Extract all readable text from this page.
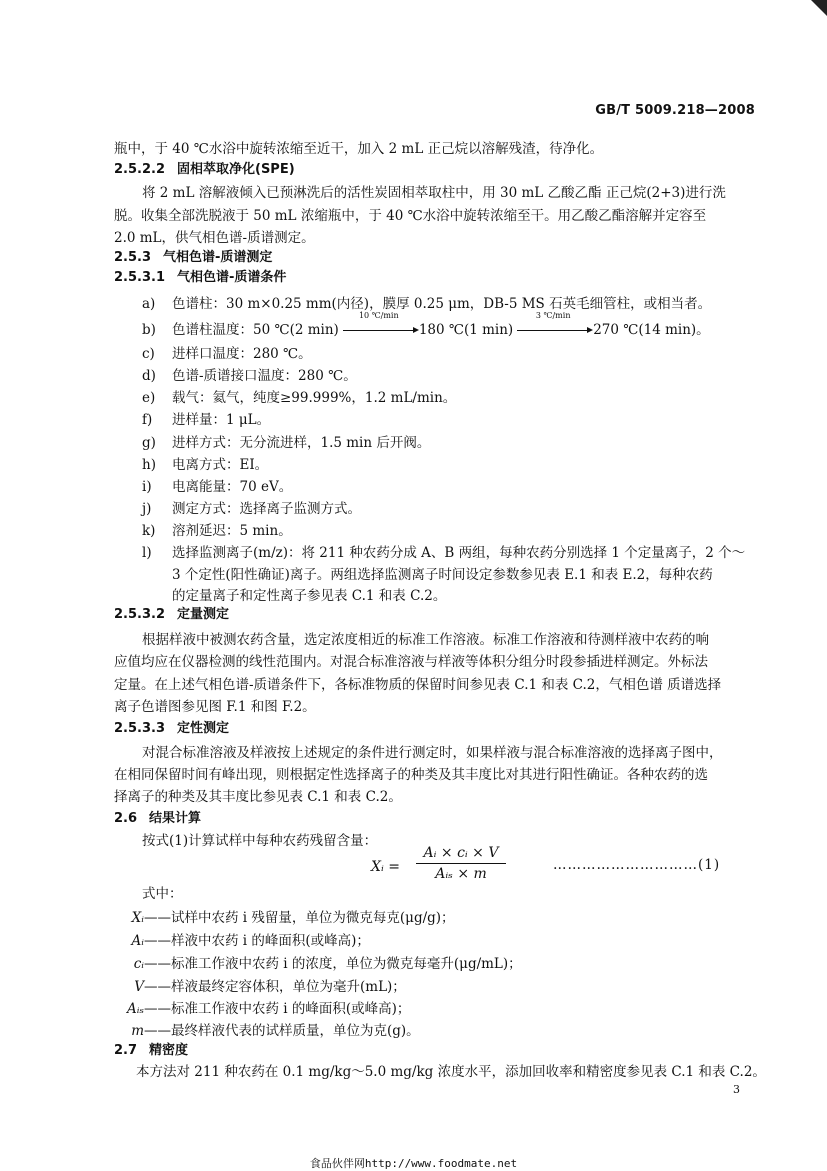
GB/T 5009.218—2008
瓶中，于 40 ℃水浴中旋转浓缩至近干，加入 2 mL 正己烷以溶解残渣，待净化。
2.5.2.2 固相萃取净化(SPE)
将 2 mL 溶解液倾入已预淋洗后的活性炭固相萃取柱中，用 30 mL 乙酸乙酯 正己烷(2+3)进行洗
脱。收集全部洗脱液于 50 mL 浓缩瓶中，于 40 ℃水浴中旋转浓缩至干。用乙酸乙酯溶解并定容至
2.0 mL，供气相色谱-质谱测定。
2.5.3 气相色谱-质谱测定
2.5.3.1 气相色谱-质谱条件
a) 色谱柱：30 m×0.25 mm(内径)，膜厚 0.25 μm，DB-5 MS 石英毛细管柱，或相当者。
b) 色谱柱温度：50 ℃(2 min)
10 ℃/min
180 ℃(1 min)
3 ℃/min
270 ℃(14 min)。
c) 进样口温度：280 ℃。
d) 色谱-质谱接口温度：280 ℃。
e) 载气：氦气，纯度≥99.999%，1.2 mL/min。
f) 进样量：1 μL。
g) 进样方式：无分流进样，1.5 min 后开阀。
h) 电离方式：EI。
i) 电离能量：70 eV。
j) 测定方式：选择离子监测方式。
k) 溶剂延迟：5 min。
l) 选择监测离子(m/z)：将 211 种农药分成 A、B 两组，每种农药分别选择 1 个定量离子，2 个～
3 个定性(阳性确证)离子。两组选择监测离子时间设定参数参见表 E.1 和表 E.2，每种农药
的定量离子和定性离子参见表 C.1 和表 C.2。
2.5.3.2 定量测定
根据样液中被测农药含量，选定浓度相近的标准工作溶液。标准工作溶液和待测样液中农药的响
应值均应在仪器检测的线性范围内。对混合标准溶液与样液等体积分组分时段参插进样测定。外标法
定量。在上述气相色谱-质谱条件下，各标准物质的保留时间参见表 C.1 和表 C.2，气相色谱 质谱选择
离子色谱图参见图 F.1 和图 F.2。
2.5.3.3 定性测定
对混合标准溶液及样液按上述规定的条件进行测定时，如果样液与混合标准溶液的选择离子图中，
在相同保留时间有峰出现，则根据定性选择离子的种类及其丰度比对其进行阳性确证。各种农药的选
择离子的种类及其丰度比参见表 C.1 和表 C.2。
2.6 结果计算
按式(1)计算试样中每种农药残留含量：
Xᵢ =
Aᵢ × cᵢ × V
Aᵢₛ × m
…………………………(1)
式中：
Xᵢ——试样中农药 i 残留量，单位为微克每克(μg/g)；
Aᵢ——样液中农药 i 的峰面积(或峰高)；
cᵢ——标准工作液中农药 i 的浓度，单位为微克每毫升(μg/mL)；
V——样液最终定容体积，单位为毫升(mL)；
Aᵢₛ——标准工作液中农药 i 的峰面积(或峰高)；
m——最终样液代表的试样质量，单位为克(g)。
2.7 精密度
本方法对 211 种农药在 0.1 mg/kg～5.0 mg/kg 浓度水平，添加回收率和精密度参见表 C.1 和表 C.2。
3
食品伙伴网http://www.foodmate.net
